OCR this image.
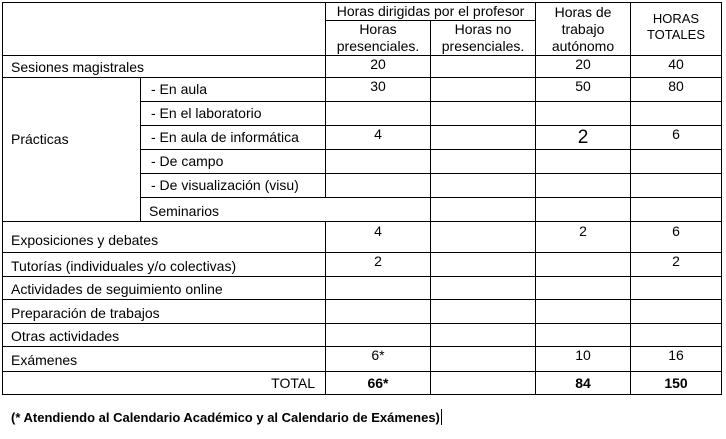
		Horas dirigidas por el profesor		Horas de trabajo autónomo	HORAS TOTALES	
		Horas presenciales.	Horas no presenciales.			
Sesiones magistrales		20		20	40	
Prácticas	- En aula	30		50	80	
	- En el laboratorio					
	- En aula de informática	4		2	6	
	- De campo					
	- De visualización (visu)					
	Seminarios					
Exposiciones y debates		4		2	6	
Tutorías (individuales y/o colectivas)		2			2	
Actividades de seguimiento online						
Preparación de trabajos						
Otras actividades						
Exámenes		6*		10	16	
TOTAL		66*		84	150	
(* Atendiendo al Calendario Académico y al Calendario de Exámenes)
